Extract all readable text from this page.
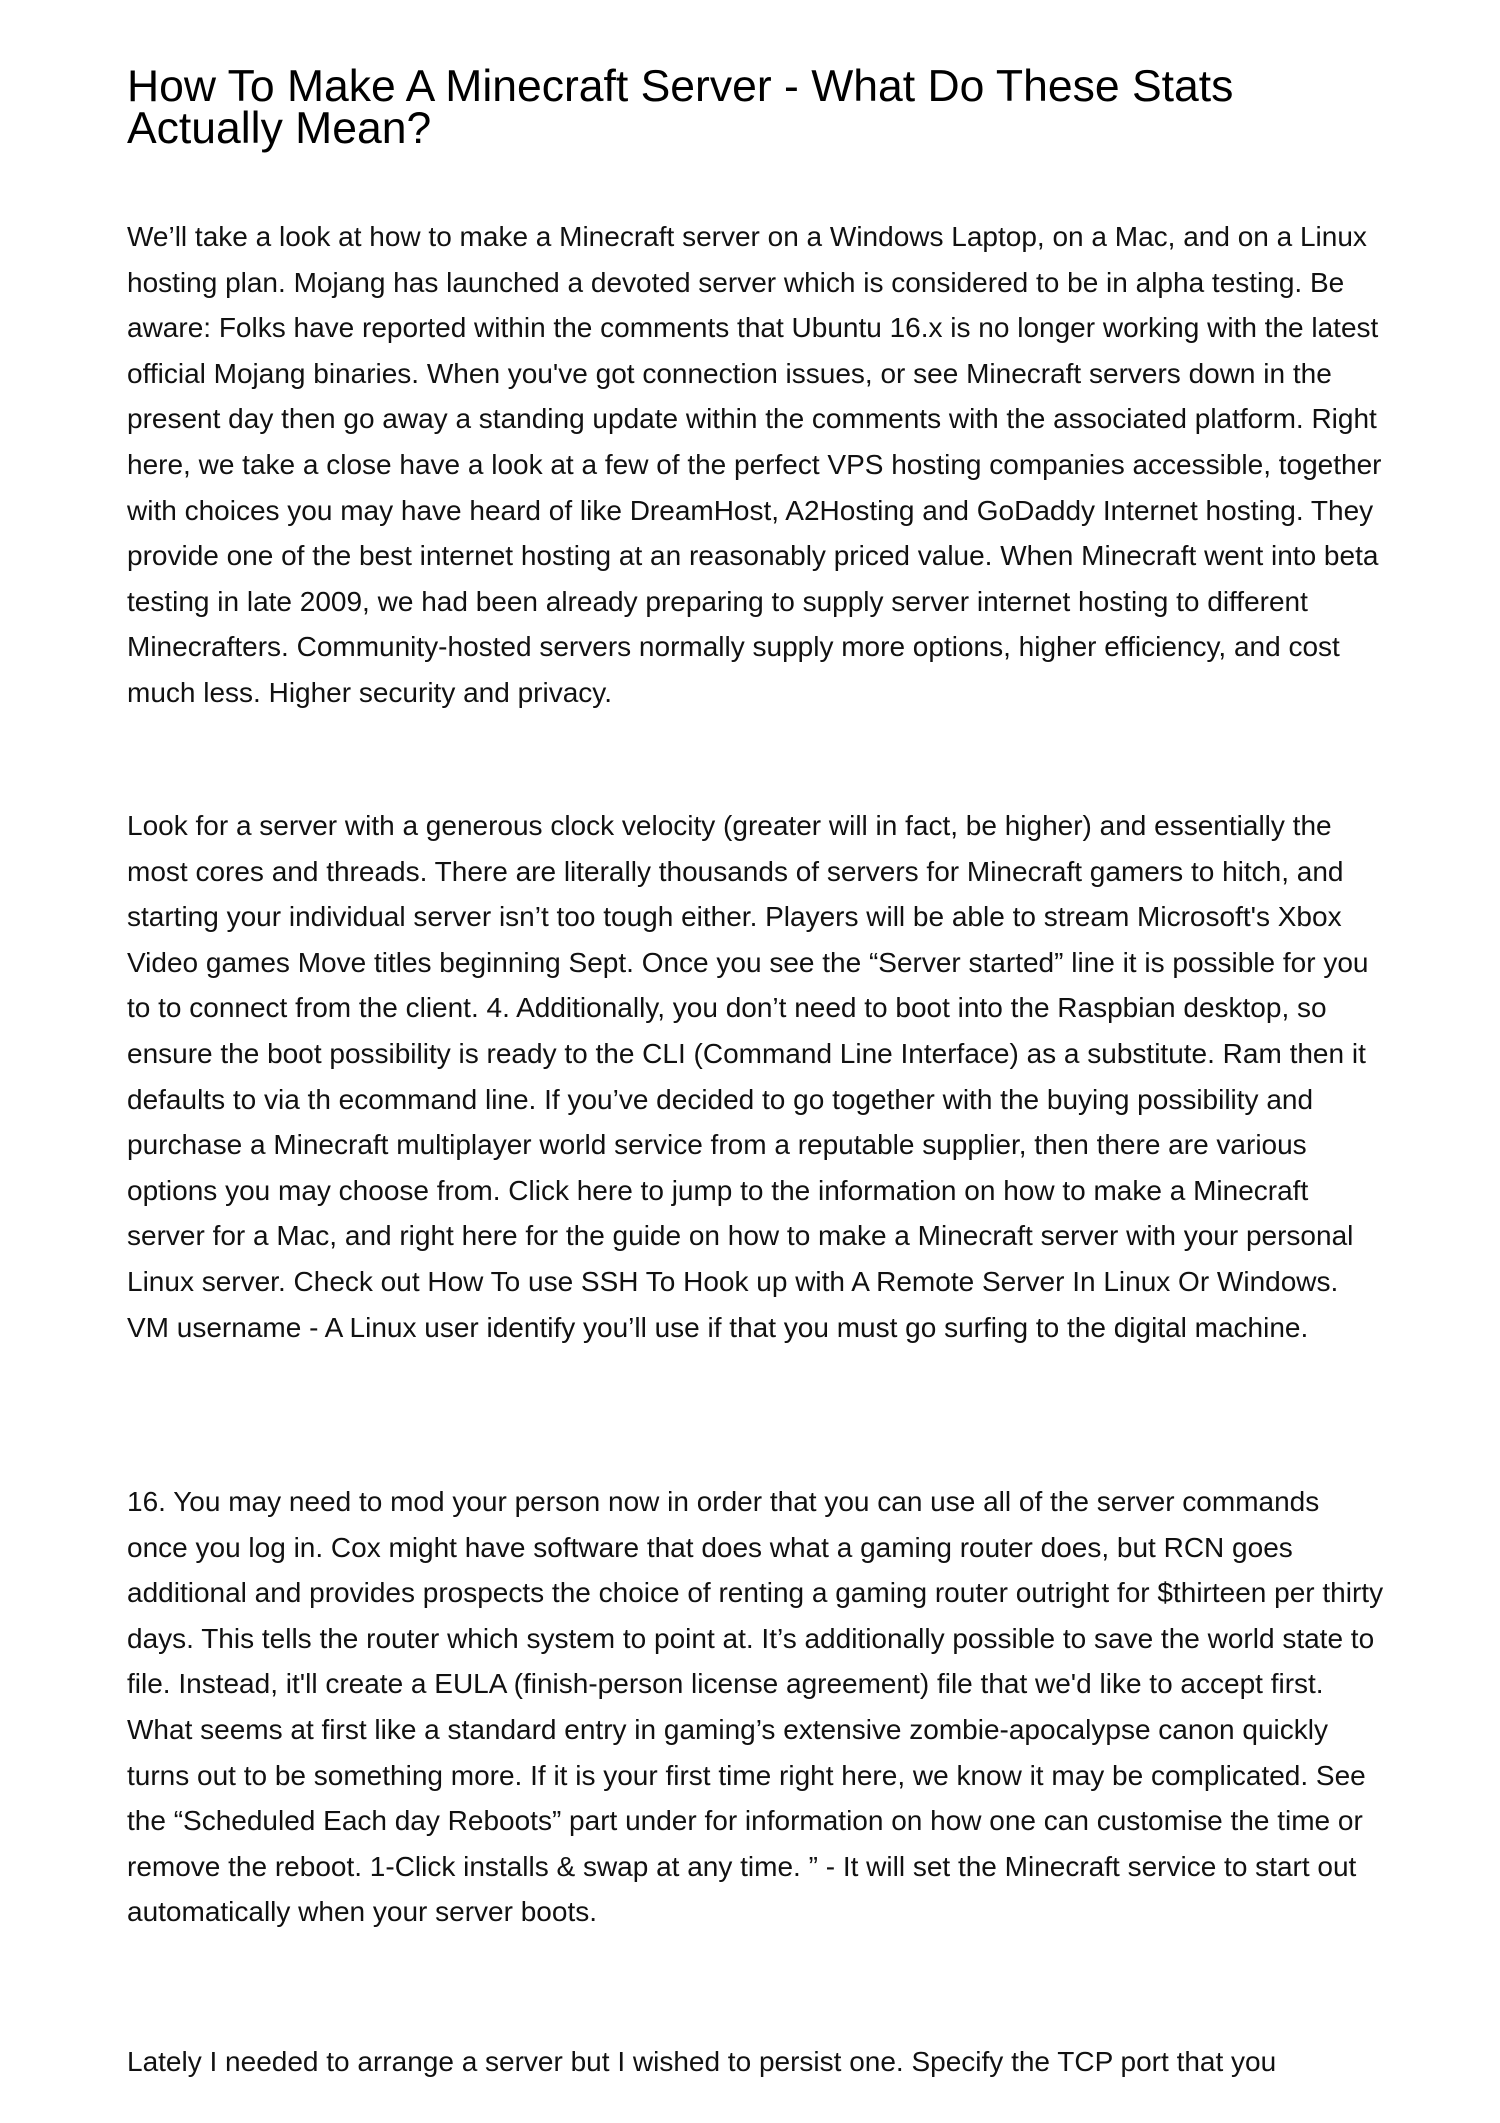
How To Make A Minecraft Server - What Do These Stats Actually Mean?

We’ll take a look at how to make a Minecraft server on a Windows Laptop, on a Mac, and on a Linux hosting plan. Mojang has launched a devoted server which is considered to be in alpha testing. Be aware: Folks have reported within the comments that Ubuntu 16.x is no longer working with the latest official Mojang binaries. When you've got connection issues, or see Minecraft servers down in the present day then go away a standing update within the comments with the associated platform. Right here, we take a close have a look at a few of the perfect VPS hosting companies accessible, together with choices you may have heard of like DreamHost, A2Hosting and GoDaddy Internet hosting. They provide one of the best internet hosting at an reasonably priced value. When Minecraft went into beta testing in late 2009, we had been already preparing to supply server internet hosting to different Minecrafters. Community-hosted servers normally supply more options, higher efficiency, and cost much less. Higher security and privacy.

Look for a server with a generous clock velocity (greater will in fact, be higher) and essentially the most cores and threads. There are literally thousands of servers for Minecraft gamers to hitch, and starting your individual server isn’t too tough either. Players will be able to stream Microsoft's Xbox Video games Move titles beginning Sept. Once you see the “Server started” line it is possible for you to to connect from the client. 4. Additionally, you don’t need to boot into the Raspbian desktop, so ensure the boot possibility is ready to the CLI (Command Line Interface) as a substitute. Ram then it defaults to via th ecommand line. If you’ve decided to go together with the buying possibility and purchase a Minecraft multiplayer world service from a reputable supplier, then there are various options you may choose from. Click here to jump to the information on how to make a Minecraft server for a Mac, and right here for the guide on how to make a Minecraft server with your personal Linux server. Check out How To use SSH To Hook up with A Remote Server In Linux Or Windows. VM username - A Linux user identify you’ll use if that you must go surfing to the digital machine.

16. You may need to mod your person now in order that you can use all of the server commands once you log in. Cox might have software that does what a gaming router does, but RCN goes additional and provides prospects the choice of renting a gaming router outright for $thirteen per thirty days. This tells the router which system to point at. It’s additionally possible to save the world state to file. Instead, it'll create a EULA (finish-person license agreement) file that we'd like to accept first. What seems at first like a standard entry in gaming’s extensive zombie-apocalypse canon quickly turns out to be something more. If it is your first time right here, we know it may be complicated. See the “Scheduled Each day Reboots” part under for information on how one can customise the time or remove the reboot. 1-Click installs & swap at any time. ” - It will set the Minecraft service to start out automatically when your server boots.

Lately I needed to arrange a server but I wished to persist one. Specify the TCP port that you
